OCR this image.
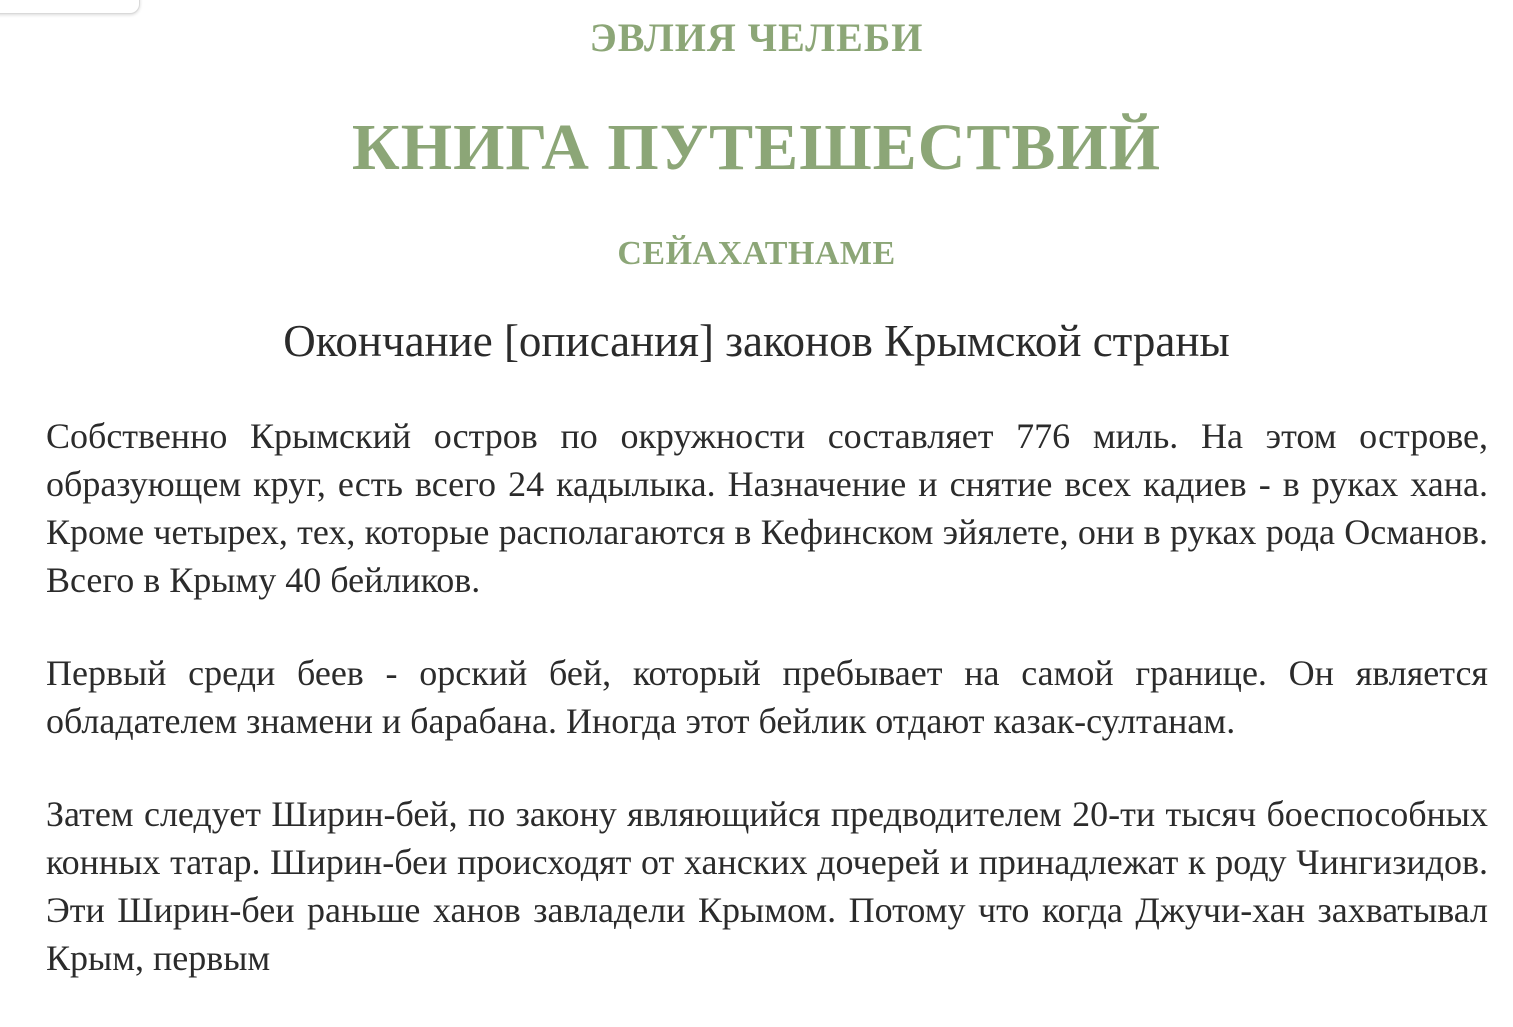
ЭВЛИЯ ЧЕЛЕБИ
КНИГА ПУТЕШЕСТВИЙ
СЕЙАХАТНАМЕ
Окончание [описания] законов Крымской страны

Собственно Крымский остров по окружности составляет 776 миль. На этом острове, образующем круг, есть всего 24 кадылыка. Назначение и снятие всех кадиев - в руках хана. Кроме четырех, тех, которые располагаются в Кефинском эйялете, они в руках рода Османов. Всего в Крыму 40 бейликов.

Первый среди беев - орский бей, который пребывает на самой границе. Он является обладателем знамени и барабана. Иногда этот бейлик отдают казак-султанам.

Затем следует Ширин-бей, по закону являющийся предводителем 20-ти тысяч боеспособных конных татар. Ширин-беи происходят от ханских дочерей и принадлежат к роду Чингизидов. Эти Ширин-беи раньше ханов завладели Крымом. Потому что когда Джучи-хан захватывал Крым, первым
